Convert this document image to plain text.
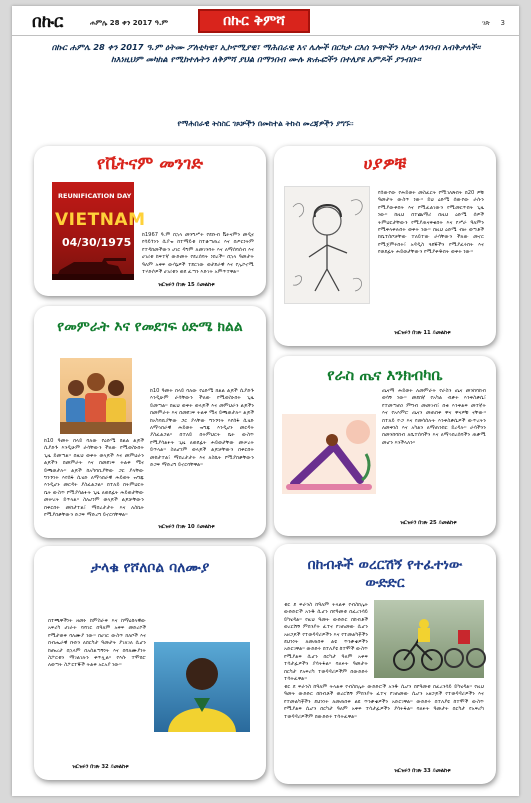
በኩር	ሐምሌ 28 ቀን 2017 ዓ.ም	በኩር ቅምሻ	ገጽ 3
በኩር ሐምሌ 28 ቀን 2017 ዓ.ም ዕትሙ ፖለቲካዊ፣ ኢኮኖሚያዊ፣ ማሕበራዊ እና ሌሎች በርካታ ርእሰ ጉዳዮችን አካታ ለንባብ አብቅታለች። ከእነዚህም መካከል የሚከተሉትን ለቅምሻ ያህል በማንበብ ሙሉ ጽሑፎችን በተለያዩ አምዶች ያንብቡ።
የማሕበራዊ ትስስር ገጾቻችን በመከተል ትኩስ መረጃዎችን ያግኙ።
የቬትናም መንገድ
REUNIFICATION DAY
VIETNAM
04/30/1975
ከ1967 ዓ.ም በኋላ መንግሥት የደቡብ ቬትናምን መዲና የሳይጎንን ሲያዝ ከተማይቱ ከተቆጣጠረ እና በጦርነትም የተዳከመችውን ሀገር ዳግም ለመገንባት እና ለማሰባሰብ እና ሀገሪቱ ከፍተኛ ውድመት የደረሰባት ነበረች። በኋላ ዓመታት ዓለም አቀፍ ውሳኔዎች ተደርገው ወታደራዊ እና የኢኮኖሚ ተሃድሶዎች ሀገሪቱን ወደ ፈጣን እድገት አምጥተዋል።
ዝርዝሩን በገጽ 15 ይመልከቱ
ሀያዎቹ
የሰውየው የሕይወት መስፈርት የሚገለጽበት በ20 ዎቹ ዓመታት ውስጥ ነው። ይህ ዕድሜ ሰውየው ራሱን የሚያውቅበት እና የሚፈልገውን የሚመርጥበት ጊዜ ነው። ከዚህ በተጨማሪ በዚህ ዕድሜ ሰዎች ትምህርታቸውን የሚያጠናቅቁበት እና የሥራ ዓለምን የሚቀላቀሉበት ወቅት ነው። በዚህ ዕድሜ ብዙ ወጣቶች ከቤተሰቦቻቸው ተለይተው ራሳቸውን ችለው መኖር የሚጀምሩበት፣ አዳዲስ ጓደኞችን የሚያፈሩበት እና የወደፊት ሕይወታቸውን የሚያቅዱበት ወቅት ነው።
ዝርዝሩን በገጽ 11 ይመልከቱ
የመምራት እና የመደገፍ ዕድሜ ክልል
ከ10 ዓመት በላይ ባለው የዕድሜ ክልል ልጆች ሲያድጉ እንዲሁም ራሳቸውን ችለው የሚወስኑበት ጊዜ ይመጣል። በዚህ ወቅት ወላጆች እና መምህራን ልጆችን በመምራት እና በመደገፍ ትልቅ ሚና ይጫወታሉ። ልጆች ከአካባቢያቸው ጋር ያላቸው ግንኙነት እየሰፋ ሲሄድ ለማኅበራዊ ሕይወት ዝግጁ እንዲሆኑ መርዳት ያስፈልጋል። በተለይ በትምህርት ቤት ውስጥ የሚያሳልፉት ጊዜ ለወደፊት ሕይወታቸው መሠረት ይጥላል። ስለሆነም ወላጆች ልጆቻቸውን በቅርበት መከታተል፣ ማበረታታት እና ለስኬት የሚያበቃቸውን ድጋፍ ማድረግ ይኖርባቸዋል።
ከ10 ዓመት በላይ ባለው የዕድሜ ክልል ልጆች ሲያድጉ እንዲሁም ራሳቸውን ችለው የሚወስኑበት ጊዜ ይመጣል። በዚህ ወቅት ወላጆች እና መምህራን ልጆችን በመምራት እና በመደገፍ ትልቅ ሚና ይጫወታሉ። ልጆች ከአካባቢያቸው ጋር ያላቸው ግንኙነት እየሰፋ ሲሄድ ለማኅበራዊ ሕይወት ዝግጁ እንዲሆኑ መርዳት ያስፈልጋል። በተለይ በትምህርት ቤት ውስጥ የሚያሳልፉት ጊዜ ለወደፊት ሕይወታቸው መሠረት ይጥላል። ስለሆነም ወላጆች ልጆቻቸውን በቅርበት መከታተል፣ ማበረታታት እና ለስኬት የሚያበቃቸውን ድጋፍ ማድረግ ይኖርባቸዋል።
ዝርዝሩን በገጽ 10 ይመልከቱ
የራስ ጤና እንክብካቤ
ጤናማ ሕይወት ለመምራት የራስን ጤና መንከባከብ ወሳኝ ነው። መደበኛ የአካል ብቃት እንቅስቃሴ፣ የተመጣጠነ ምግብ መመገብ፣ በቂ እንቅልፍ መተኛት እና የአእምሮ ጤናን መጠበቅ ዋና ዋናዎቹ ናቸው። በተለይ ዮጋ እና የመሳሰሉት እንቅስቃሴዎች ውጥረትን ለመቀነስ እና አካልን ለማጠንከር ይረዳሉ። ራሳችንን በመንከባከብ ለቤተሰባችን እና ለማኅበረሰባችን ጠቃሚ መሆን እንችላለን።
ዝርዝሩን በገጽ 25 ይመልከቱ
ታላቁ የሾለቦል ባለሙያ
በተጫዋችነት ዘመኑ ከምስራቅ እና ከማዕከላዊው አፍሪካ ሀገራት ባሻገር በዓለም አቀፍ መድረኮች የሚታወቅ ባለሙያ ነው። በሀገር ውስጥ ክለቦች እና በብሔራዊ ቡድን ለበርካታ ዓመታት ያገለገለ ሲሆን ከጡረታ በኋላም በአሰልጣኝነት እና በባለሙያነት ስፖርቱን ማገልገሉን ቀጥሏል። የእሱ ተሞክሮ ለወጣት ስፖርተኞች ትልቅ አርአያ ነው።
ዝርዝሩን በገጽ 32 ይመልከቱ
በከብቶች ወረርሽኝ የተፈተነው ውድድር
ቱር ደ ፍራንስ ከዓለም ትላልቅ የብስክሌት ውድድሮች አንዱ ሲሆን በየዓመቱ በፈረንሳይ ይካሄዳል። የዚህ ዓመት ውድድር በከብቶች ወረርሽኝ ምክንያት ፈተና የገጠመው ሲሆን አዘጋጆች የተወዳዳሪዎችን እና የተመልካቾችን ደህንነት ለመጠበቅ ልዩ ጥንቃቄዎችን አድርገዋል። ውድድሩ በተለያዩ ከተሞች ውስጥ የሚያልፍ ሲሆን በርካታ ዓለም አቀፍ ተሳታፊዎችን ያሳትፋል። ባለፉት ዓመታት በርካታ የአፍሪካ ተወዳዳሪዎችም በውድድሩ ተሳትፈዋል።
ቱር ደ ፍራንስ ከዓለም ትላልቅ የብስክሌት ውድድሮች አንዱ ሲሆን በየዓመቱ በፈረንሳይ ይካሄዳል። የዚህ ዓመት ውድድር በከብቶች ወረርሽኝ ምክንያት ፈተና የገጠመው ሲሆን አዘጋጆች የተወዳዳሪዎችን እና የተመልካቾችን ደህንነት ለመጠበቅ ልዩ ጥንቃቄዎችን አድርገዋል። ውድድሩ በተለያዩ ከተሞች ውስጥ የሚያልፍ ሲሆን በርካታ ዓለም አቀፍ ተሳታፊዎችን ያሳትፋል። ባለፉት ዓመታት በርካታ የአፍሪካ ተወዳዳሪዎችም በውድድሩ ተሳትፈዋል።
ዝርዝሩን በገጽ 33 ይመልከቱ
